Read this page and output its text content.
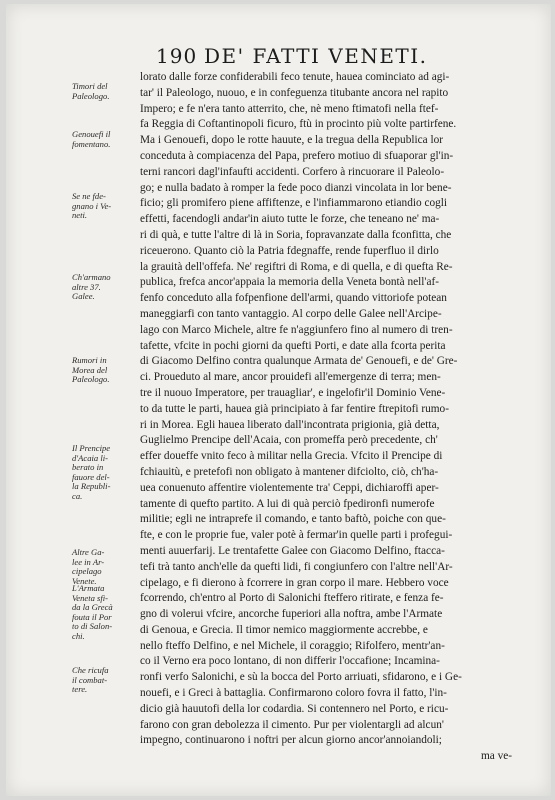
190 DE' FATTI VENETI.
lorato dalle forze confiderabili feco tenute, hauea cominciato ad agi-
tar' il Paleologo, nuouo, e in confeguenza titubante ancora nel rapito
Impero; e fe n'era tanto atterrito, che, nè meno ftimatofi nella ftef-
fa Reggia di Coftantinopoli ficuro, ftù in procinto più volte partirfene.
Ma i Genouefi, dopo le rotte hauute, e la tregua della Republica lor
conceduta à compiacenza del Papa, prefero motiuo di sfuaporar gl'in-
terni rancori dagl'infaufti accidenti. Corfero à rincuorare il Paleolo-
go; e nulla badato à romper la fede poco dianzi vincolata in lor bene-
ficio; gli promifero piene affiftenze, e l'infiammarono etiandio cogli
effetti, facendogli andar'in aiuto tutte le forze, che teneano ne' ma-
ri di quà, e tutte l'altre di là in Soria, fopravanzate dalla fconfitta, che
riceuerono. Quanto ciò la Patria fdegnaffe, rende fuperfluo il dirlo
la grauità dell'offefa. Ne' regiftri di Roma, e di quella, e di quefta Re-
publica, frefca ancor'appaia la memoria della Veneta bontà nell'af-
fenfo conceduto alla fofpenfione dell'armi, quando vittoriofe potean
maneggiarfi con tanto vantaggio. Al corpo delle Galee nell'Arcipe-
lago con Marco Michele, altre fe n'aggiunfero fino al numero di tren-
tafette, vfcite in pochi giorni da quefti Porti, e date alla fcorta perita
di Giacomo Delfino contra qualunque Armata de' Genouefi, e de' Gre-
ci. Proueduto al mare, ancor prouidefi all'emergenze di terra; men-
tre il nuouo Imperatore, per trauagliar', e ingelofir'il Dominio Vene-
to da tutte le parti, hauea già principiato à far fentire ftrepitofi rumo-
ri in Morea. Egli hauea liberato dall'incontrata prigionia, già detta,
Guglielmo Prencipe dell'Acaia, con promeffa però precedente, ch'
effer doueffe vnito feco à militar nella Grecia. Vfcito il Prencipe di
fchiauitù, e pretefofi non obligato à mantener difciolto, ciò, ch'ha-
uea conuenuto affentire violentemente tra' Ceppi, dichiaroffi aper-
tamente di quefto partito. A lui di quà perciò fpedironfi numerofe
militie; egli ne intraprefe il comando, e tanto baftò, poiche con que-
fte, e con le proprie fue, valer potè à fermar'in quelle parti i profegui-
menti auuerfarij. Le trentafette Galee con Giacomo Delfino, ftacca-
tefi trà tanto anch'elle da quefti lidi, fi congiunfero con l'altre nell'Ar-
cipelago, e fi dierono à fcorrere in gran corpo il mare. Hebbero voce
fcorrendo, ch'entro al Porto di Salonichi fteffero ritirate, e fenza fe-
gno di volerui vfcire, ancorche fuperiori alla noftra, ambe l'Armate
di Genoua, e Grecia. Il timor nemico maggiormente accrebbe, e
nello fteffo Delfino, e nel Michele, il coraggio; Rifolfero, mentr'an-
co il Verno era poco lontano, di non differir l'occafione; Incamina-
ronfi verfo Salonichi, e sù la bocca del Porto arriuati, sfidarono, e i Ge-
nouefi, e i Greci à battaglia. Confirmarono coloro fovra il fatto, l'in-
dicio già hauutofi della lor codardia. Si contennero nel Porto, e ricu-
farono con gran debolezza il cimento. Pur per violentargli ad alcun'
impegno, continuarono i noftri per alcun giorno ancor'annoiandoli;
ma ve-
Timori del
Paleologo.
Genouefi il
fomentano.
Se ne fde-
gnano i Ve-
neti.
Ch'armano
altre 37.
Galee.
Rumori in
Morea del
Paleologo.
Il Prencipe
d'Acaia li-
berato in
fauore del-
la Republi-
ca.
Altre Ga-
lee in Ar-
cipelago
Venete.
L'Armata
Veneta sfi-
da la Grecà
fouta il Por
to di Salon-
chi.
Che ricufa
il combat-
tere.
